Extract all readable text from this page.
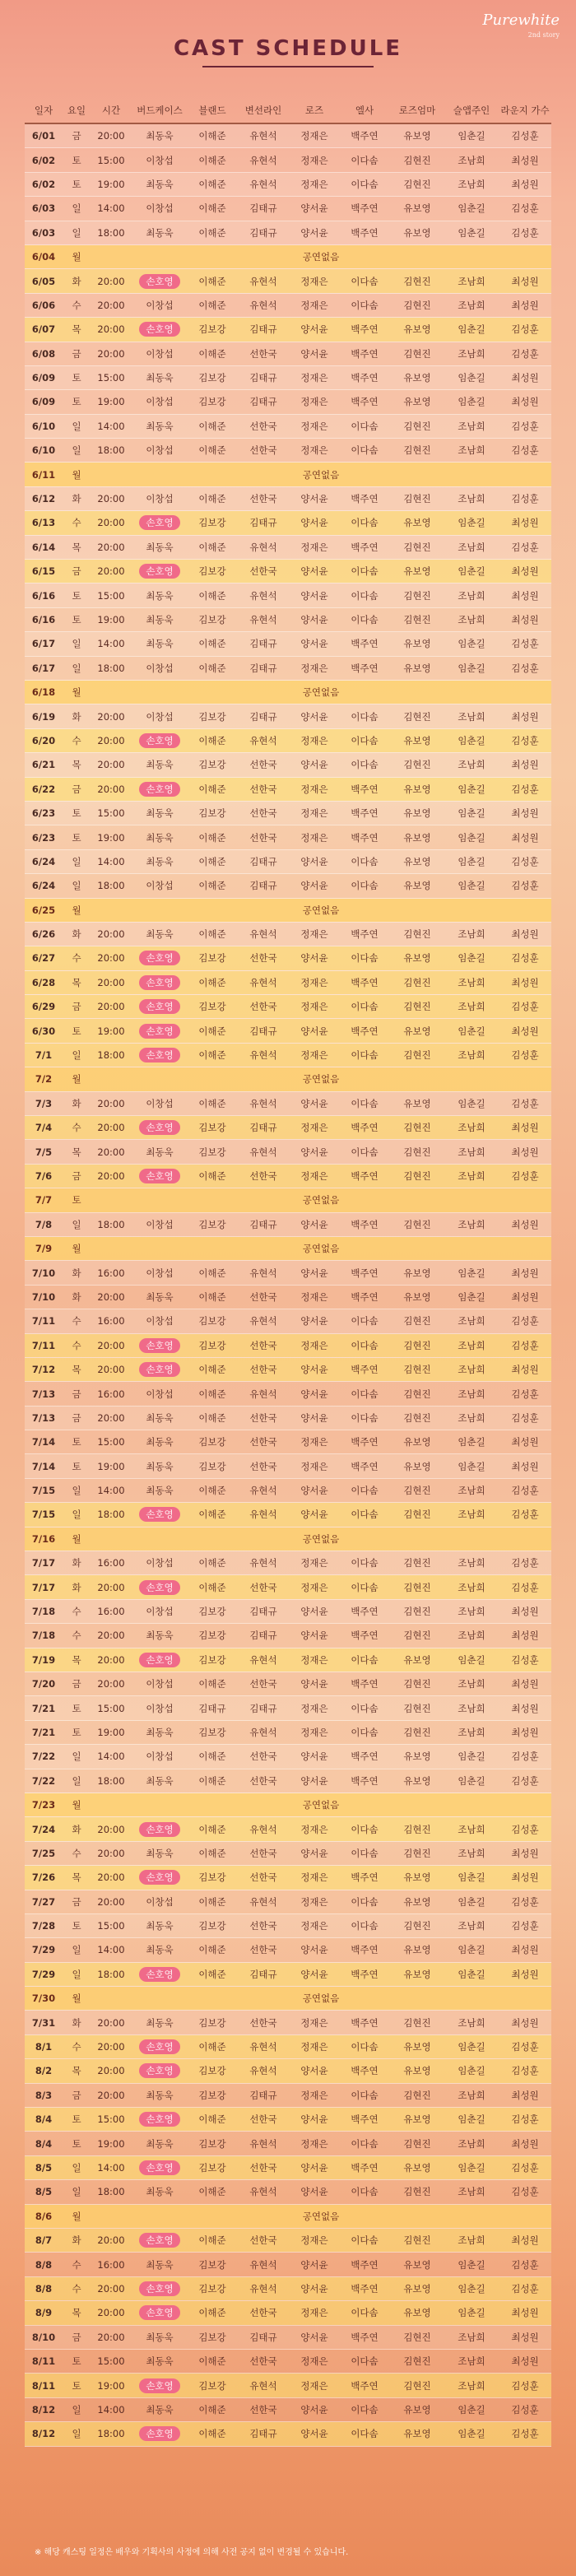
Purewhite

2nd story
CAST SCHEDULE
일자	요일	시간	버드케이스	블랜드	변선라인	로즈	엘사	로즈엄마	슬앱주인	라운지 가수
6/01	금	20:00	최동욱	이해준	유현석	정재은	백주연	유보영	임춘길	김성훈
6/02	토	15:00	이창섭	이해준	유현석	정재은	이다솜	김현진	조남희	최성원
6/02	토	19:00	최동욱	이해준	유현석	정재은	이다솜	김현진	조남희	최성원
6/03	일	14:00	이창섭	이해준	김태규	양서윤	백주연	유보영	임춘길	김성훈
6/03	일	18:00	최동욱	이해준	김태규	양서윤	백주연	유보영	임춘길	김성훈
6/04	월	공연없음								
6/05	화	20:00	손호영	이해준	유현석	정재은	이다솜	김현진	조남희	최성원
6/06	수	20:00	이창섭	이해준	유현석	정재은	이다솜	김현진	조남희	최성원
6/07	목	20:00	손호영	김보강	김태규	양서윤	백주연	유보영	임춘길	김성훈
6/08	금	20:00	이창섭	이해준	선한국	양서윤	백주연	김현진	조남희	김성훈
6/09	토	15:00	최동욱	김보강	김태규	정재은	백주연	유보영	임춘길	최성원
6/09	토	19:00	이창섭	김보강	김태규	정재은	백주연	유보영	임춘길	최성원
6/10	일	14:00	최동욱	이해준	선한국	정재은	이다솜	김현진	조남희	김성훈
6/10	일	18:00	이창섭	이해준	선한국	정재은	이다솜	김현진	조남희	김성훈
6/11	월	공연없음								
6/12	화	20:00	이창섭	이해준	선한국	양서윤	백주연	김현진	조남희	김성훈
6/13	수	20:00	손호영	김보강	김태규	양서윤	이다솜	유보영	임춘길	최성원
6/14	목	20:00	최동욱	이해준	유현석	정재은	백주연	김현진	조남희	김성훈
6/15	금	20:00	손호영	김보강	선한국	양서윤	이다솜	유보영	임춘길	최성원
6/16	토	15:00	최동욱	이해준	유현석	양서윤	이다솜	김현진	조남희	최성원
6/16	토	19:00	최동욱	김보강	유현석	양서윤	이다솜	김현진	조남희	최성원
6/17	일	14:00	최동욱	이해준	김태규	양서윤	백주연	유보영	임춘길	김성훈
6/17	일	18:00	이창섭	이해준	김태규	정재은	백주연	유보영	임춘길	김성훈
6/18	월	공연없음								
6/19	화	20:00	이창섭	김보강	김태규	양서윤	이다솜	김현진	조남희	최성원
6/20	수	20:00	손호영	이해준	유현석	정재은	이다솜	유보영	임춘길	김성훈
6/21	목	20:00	최동욱	김보강	선한국	양서윤	이다솜	김현진	조남희	최성원
6/22	금	20:00	손호영	이해준	선한국	정재은	백주연	유보영	임춘길	김성훈
6/23	토	15:00	최동욱	김보강	선한국	정재은	백주연	유보영	임춘길	최성원
6/23	토	19:00	최동욱	이해준	선한국	정재은	백주연	유보영	임춘길	최성원
6/24	일	14:00	최동욱	이해준	김태규	양서윤	이다솜	유보영	임춘길	김성훈
6/24	일	18:00	이창섭	이해준	김태규	양서윤	이다솜	유보영	임춘길	김성훈
6/25	월	공연없음								
6/26	화	20:00	최동욱	이해준	유현석	정재은	백주연	김현진	조남희	최성원
6/27	수	20:00	손호영	김보강	선한국	양서윤	이다솜	유보영	임춘길	김성훈
6/28	목	20:00	손호영	이해준	유현석	정재은	백주연	김현진	조남희	최성원
6/29	금	20:00	손호영	김보강	선한국	정재은	이다솜	김현진	조남희	김성훈
6/30	토	19:00	손호영	이해준	김태규	양서윤	백주연	유보영	임춘길	최성원
7/1	일	18:00	손호영	이해준	유현석	정재은	이다솜	김현진	조남희	김성훈
7/2	월	공연없음								
7/3	화	20:00	이창섭	이해준	유현석	양서윤	이다솜	유보영	임춘길	김성훈
7/4	수	20:00	손호영	김보강	김태규	정재은	백주연	김현진	조남희	최성원
7/5	목	20:00	최동욱	김보강	유현석	양서윤	이다솜	김현진	조남희	최성원
7/6	금	20:00	손호영	이해준	선한국	정재은	백주연	김현진	조남희	김성훈
7/7	토	공연없음								
7/8	일	18:00	이창섭	김보강	김태규	양서윤	백주연	김현진	조남희	최성원
7/9	월	공연없음								
7/10	화	16:00	이창섭	이해준	유현석	양서윤	백주연	유보영	임춘길	최성원
7/10	화	20:00	최동욱	이해준	선한국	정재은	백주연	유보영	임춘길	최성원
7/11	수	16:00	이창섭	김보강	유현석	양서윤	이다솜	김현진	조남희	김성훈
7/11	수	20:00	손호영	김보강	선한국	정재은	이다솜	김현진	조남희	김성훈
7/12	목	20:00	손호영	이해준	선한국	양서윤	백주연	김현진	조남희	최성원
7/13	금	16:00	이창섭	이해준	유현석	양서윤	이다솜	김현진	조남희	김성훈
7/13	금	20:00	최동욱	이해준	선한국	양서윤	이다솜	김현진	조남희	김성훈
7/14	토	15:00	최동욱	김보강	선한국	정재은	백주연	유보영	임춘길	최성원
7/14	토	19:00	최동욱	김보강	선한국	정재은	백주연	유보영	임춘길	최성원
7/15	일	14:00	최동욱	이해준	유현석	양서윤	이다솜	김현진	조남희	김성훈
7/15	일	18:00	손호영	이해준	유현석	양서윤	이다솜	김현진	조남희	김성훈
7/16	월	공연없음								
7/17	화	16:00	이창섭	이해준	유현석	정재은	이다솜	김현진	조남희	김성훈
7/17	화	20:00	손호영	이해준	선한국	정재은	이다솜	김현진	조남희	김성훈
7/18	수	16:00	이창섭	김보강	김태규	양서윤	백주연	김현진	조남희	최성원
7/18	수	20:00	최동욱	김보강	김태규	양서윤	백주연	김현진	조남희	최성원
7/19	목	20:00	손호영	김보강	유현석	정재은	이다솜	유보영	임춘길	김성훈
7/20	금	20:00	이창섭	이해준	선한국	양서윤	백주연	김현진	조남희	최성원
7/21	토	15:00	이창섭	김태규	김태규	정재은	이다솜	김현진	조남희	최성원
7/21	토	19:00	최동욱	김보강	유현석	정재은	이다솜	김현진	조남희	최성원
7/22	일	14:00	이창섭	이해준	선한국	양서윤	백주연	유보영	임춘길	김성훈
7/22	일	18:00	최동욱	이해준	선한국	양서윤	백주연	유보영	임춘길	김성훈
7/23	월	공연없음								
7/24	화	20:00	손호영	이해준	유현석	정재은	이다솜	김현진	조남희	김성훈
7/25	수	20:00	최동욱	이해준	선한국	양서윤	이다솜	김현진	조남희	최성원
7/26	목	20:00	손호영	김보강	선한국	정재은	백주연	유보영	임춘길	최성원
7/27	금	20:00	이창섭	이해준	유현석	정재은	이다솜	유보영	임춘길	김성훈
7/28	토	15:00	최동욱	김보강	선한국	정재은	이다솜	김현진	조남희	김성훈
7/29	일	14:00	최동욱	이해준	선한국	양서윤	백주연	유보영	임춘길	최성원
7/29	일	18:00	손호영	이해준	김태규	양서윤	백주연	유보영	임춘길	최성원
7/30	월	공연없음								
7/31	화	20:00	최동욱	김보강	선한국	정재은	백주연	김현진	조남희	최성원
8/1	수	20:00	손호영	이해준	유현석	정재은	이다솜	유보영	임춘길	김성훈
8/2	목	20:00	손호영	김보강	유현석	양서윤	백주연	유보영	임춘길	김성훈
8/3	금	20:00	최동욱	김보강	김태규	정재은	이다솜	김현진	조남희	최성원
8/4	토	15:00	손호영	이해준	선한국	양서윤	백주연	유보영	임춘길	김성훈
8/4	토	19:00	최동욱	김보강	유현석	정재은	이다솜	김현진	조남희	최성원
8/5	일	14:00	손호영	김보강	선한국	양서윤	백주연	유보영	임춘길	김성훈
8/5	일	18:00	최동욱	이해준	유현석	양서윤	이다솜	김현진	조남희	김성훈
8/6	월	공연없음								
8/7	화	20:00	손호영	이해준	선한국	정재은	이다솜	김현진	조남희	최성원
8/8	수	16:00	최동욱	김보강	유현석	양서윤	백주연	유보영	임춘길	김성훈
8/8	수	20:00	손호영	김보강	유현석	양서윤	백주연	유보영	임춘길	김성훈
8/9	목	20:00	손호영	이해준	선한국	정재은	이다솜	유보영	임춘길	최성원
8/10	금	20:00	최동욱	김보강	김태규	양서윤	백주연	김현진	조남희	최성원
8/11	토	15:00	최동욱	이해준	선한국	정재은	이다솜	김현진	조남희	최성원
8/11	토	19:00	손호영	김보강	유현석	정재은	백주연	김현진	조남희	김성훈
8/12	일	14:00	최동욱	이해준	선한국	양서윤	이다솜	유보영	임춘길	김성훈
8/12	일	18:00	손호영	이해준	김태규	양서윤	이다솜	유보영	임춘길	김성훈
※ 해당 캐스팅 일정은 배우와 기획사의 사정에 의해 사전 공지 없이 변경될 수 있습니다.
